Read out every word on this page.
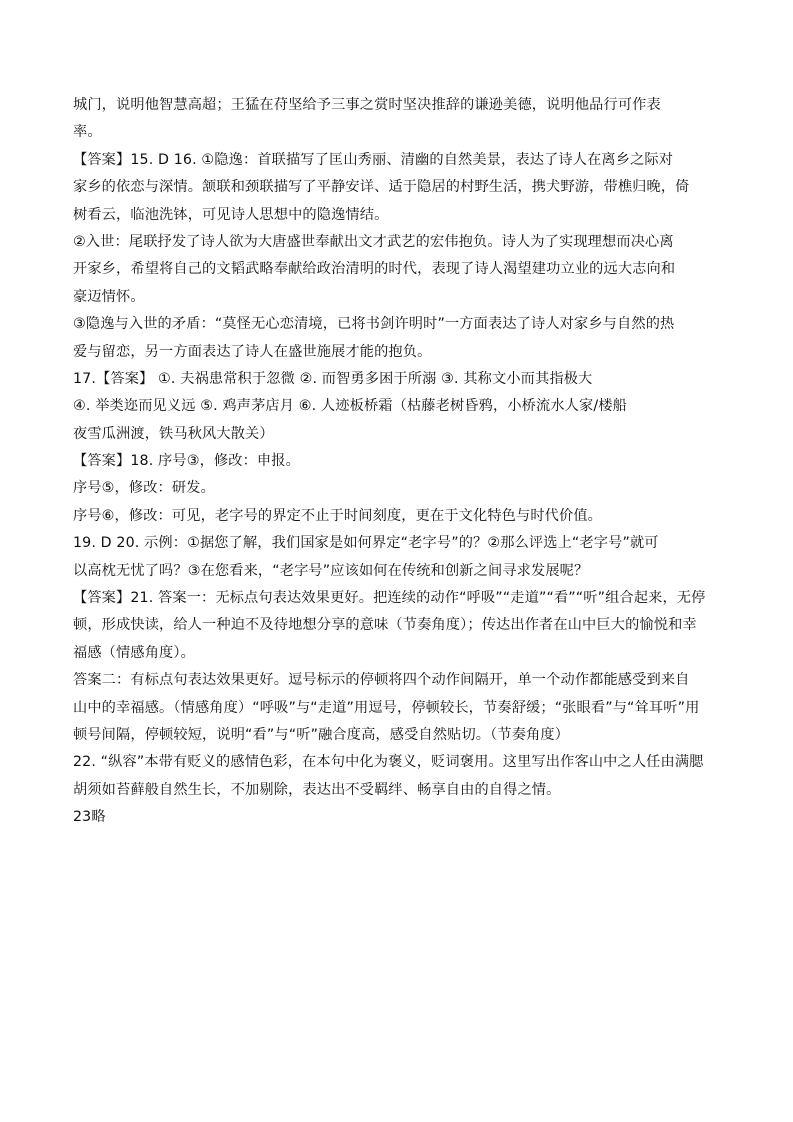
城门，说明他智慧高超；王猛在苻坚给予三事之赏时坚决推辞的谦逊美德，说明他品行可作表
率。
【答案】15. D 16. ①隐逸：首联描写了匡山秀丽、清幽的自然美景，表达了诗人在离乡之际对
家乡的依恋与深情。颔联和颈联描写了平静安详、适于隐居的村野生活，携犬野游，带樵归晚，倚
树看云，临池洗钵，可见诗人思想中的隐逸情结。
②入世：尾联抒发了诗人欲为大唐盛世奉献出文才武艺的宏伟抱负。诗人为了实现理想而决心离
开家乡，希望将自己的文韬武略奉献给政治清明的时代，表现了诗人渴望建功立业的远大志向和
豪迈情怀。
③隐逸与入世的矛盾：“莫怪无心恋清境，已将书剑许明时”一方面表达了诗人对家乡与自然的热
爱与留恋，另一方面表达了诗人在盛世施展才能的抱负。
17.【答案】 ①. 夫祸患常积于忽微 ②. 而智勇多困于所溺 ③. 其称文小而其指极大
④. 举类迩而见义远 ⑤. 鸡声茅店月 ⑥. 人迹板桥霜（枯藤老树昏鸦，小桥流水人家/楼船
夜雪瓜洲渡，铁马秋风大散关）
【答案】18. 序号③，修改：申报。
序号⑤，修改：研发。
序号⑥，修改：可见，老字号的界定不止于时间刻度，更在于文化特色与时代价值。
19. D 20. 示例：①据您了解，我们国家是如何界定“老字号”的？②那么评选上“老字号”就可
以高枕无忧了吗？③在您看来，“老字号”应该如何在传统和创新之间寻求发展呢？
【答案】21. 答案一：无标点句表达效果更好。把连续的动作“呼吸”“走道”“看”“听”组合起来，无停
顿，形成快读，给人一种迫不及待地想分享的意味（节奏角度）；传达出作者在山中巨大的愉悦和幸
福感（情感角度）。
答案二：有标点句表达效果更好。逗号标示的停顿将四个动作间隔开，单一个动作都能感受到来自
山中的幸福感。（情感角度）“呼吸”与“走道”用逗号，停顿较长，节奏舒缓；“张眼看”与“耸耳听”用
顿号间隔，停顿较短，说明“看”与“听”融合度高，感受自然贴切。（节奏角度）
22. “纵容”本带有贬义的感情色彩，在本句中化为褒义，贬词褒用。这里写出作客山中之人任由满腮
胡须如苔藓般自然生长，不加剔除，表达出不受羁绊、畅享自由的自得之情。
23略
